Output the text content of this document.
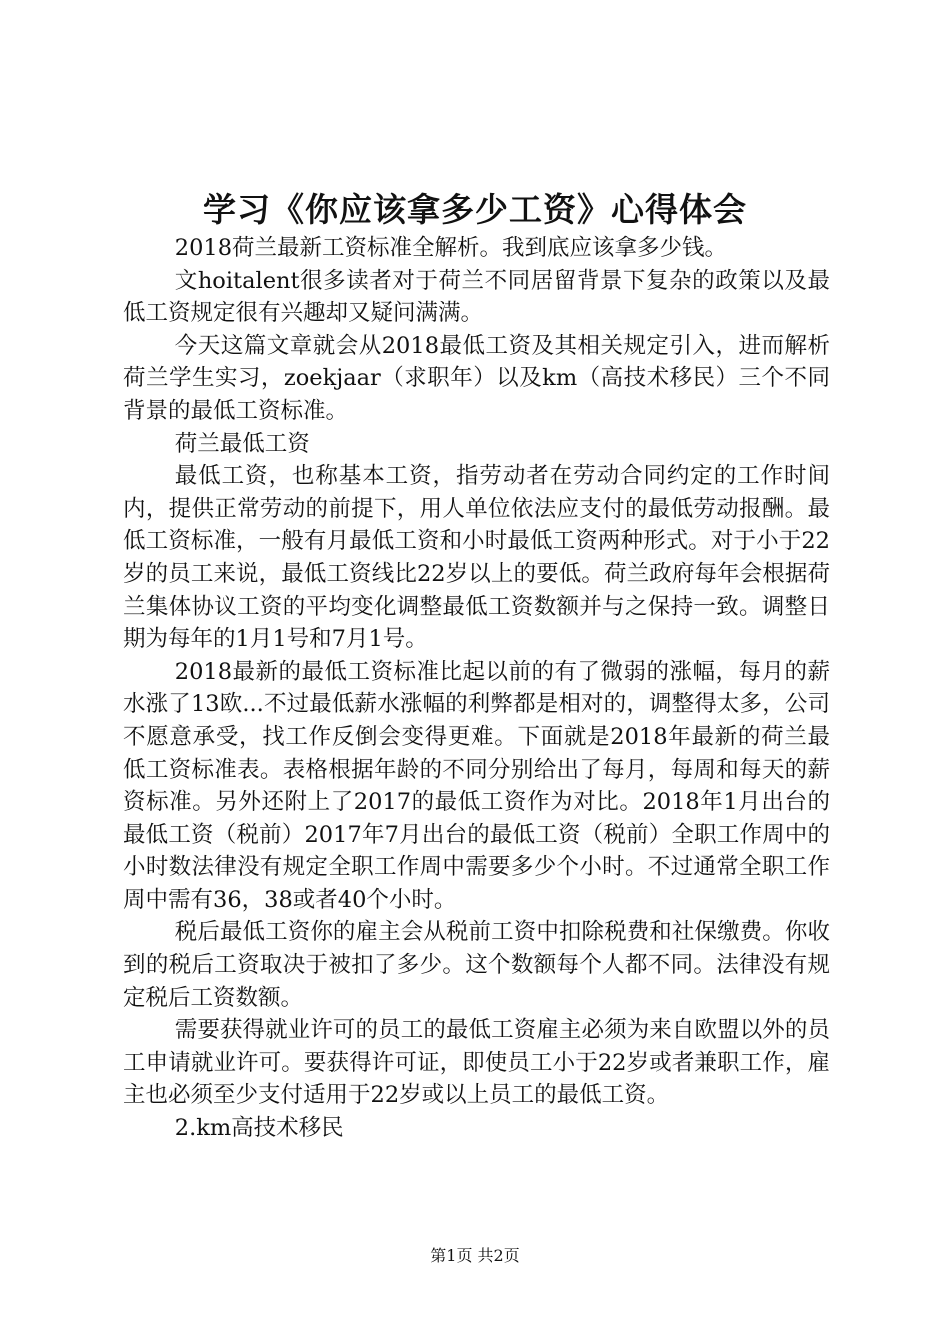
学习《你应该拿多少工资》心得体会

2018荷兰最新工资标准全解析。我到底应该拿多少钱。

文hoitalent很多读者对于荷兰不同居留背景下复杂的政策以及最低工资规定很有兴趣却又疑问满满。

今天这篇文章就会从2018最低工资及其相关规定引入，进而解析荷兰学生实习，zoekjaar（求职年）以及km（高技术移民）三个不同背景的最低工资标准。

荷兰最低工资

最低工资，也称基本工资，指劳动者在劳动合同约定的工作时间内，提供正常劳动的前提下，用人单位依法应支付的最低劳动报酬。最低工资标准，一般有月最低工资和小时最低工资两种形式。对于小于22岁的员工来说，最低工资线比22岁以上的要低。荷兰政府每年会根据荷兰集体协议工资的平均变化调整最低工资数额并与之保持一致。调整日期为每年的1月1号和7月1号。

2018最新的最低工资标准比起以前的有了微弱的涨幅，每月的薪水涨了13欧...不过最低薪水涨幅的利弊都是相对的，调整得太多，公司不愿意承受，找工作反倒会变得更难。下面就是2018年最新的荷兰最低工资标准表。表格根据年龄的不同分别给出了每月，每周和每天的薪资标准。另外还附上了2017的最低工资作为对比。2018年1月出台的最低工资（税前）2017年7月出台的最低工资（税前）全职工作周中的小时数法律没有规定全职工作周中需要多少个小时。不过通常全职工作周中需有36，38或者40个小时。

税后最低工资你的雇主会从税前工资中扣除税费和社保缴费。你收到的税后工资取决于被扣了多少。这个数额每个人都不同。法律没有规定税后工资数额。

需要获得就业许可的员工的最低工资雇主必须为来自欧盟以外的员工申请就业许可。要获得许可证，即使员工小于22岁或者兼职工作，雇主也必须至少支付适用于22岁或以上员工的最低工资。

2.km高技术移民

第1页 共2页
